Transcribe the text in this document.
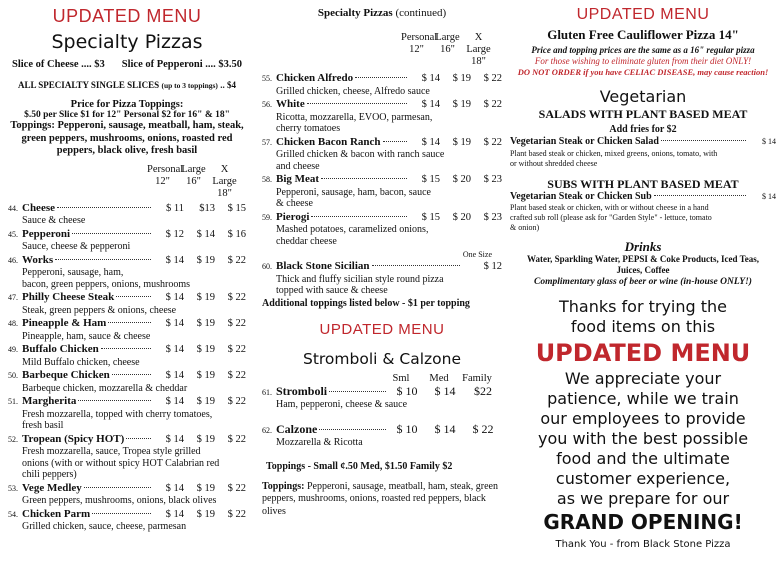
UPDATED MENU
Specialty Pizzas
Slice of Cheese .... $3 Slice of Pepperoni .... $3.50
ALL SPECIALTY SINGLE SLICES (up to 3 toppings) .. $4
Price for Pizza Toppings:
$.50 per Slice $1 for 12" Personal $2 for 16" & 18"
Toppings: Pepperoni, sausage, meatball, ham, steak, green peppers, mushrooms, onions, roasted red peppers, black olive, fresh basil
Personal
12"
Large
16"
X Large
18"
44. Cheese	$ 11	$13	$ 15
Sauce & cheese
45. Pepperoni	$ 12	$ 14	$ 16
Sauce, cheese & pepperoni
46. Works	$ 14	$ 19	$ 22
Pepperoni, sausage, ham,
bacon, green peppers, onions, mushrooms
47. Philly Cheese Steak	$ 14	$ 19	$ 22
Steak, green peppers & onions, cheese
48. Pineapple & Ham	$ 14	$ 19	$ 22
Pineapple, ham, sauce & cheese
49. Buffalo Chicken	$ 14	$ 19	$ 22
Mild Buffalo chicken, cheese
50. Barbeque Chicken	$ 14	$ 19	$ 22
Barbeque chicken, mozzarella & cheddar
51. Margherita	$ 14	$ 19	$ 22
Fresh mozzarella, topped with cherry tomatoes,
fresh basil
52. Tropean (Spicy HOT)	$ 14	$ 19	$ 22
Fresh mozzarella, sauce, Tropea style grilled
onions (with or without spicy HOT Calabrian red
chili peppers)
53. Vege Medley	$ 14	$ 19	$ 22
Green peppers, mushrooms, onions, black olives
54. Chicken Parm	$ 14	$ 19	$ 22
Grilled chicken, sauce, cheese, parmesan
Specialty Pizzas (continued)
Personal
12"
Large
16"
X Large
18"
55. Chicken Alfredo	$ 14	$ 19	$ 22
Grilled chicken, cheese, Alfredo sauce
56. White	$ 14	$ 19	$ 22
Ricotta, mozzarella, EVOO, parmesan,
cherry tomatoes
57. Chicken Bacon Ranch	$ 14	$ 19	$ 22
Grilled chicken & bacon with ranch sauce
and cheese
58. Big Meat	$ 15	$ 20	$ 23
Pepperoni, sausage, ham, bacon, sauce
& cheese
59. Pierogi	$ 15	$ 20	$ 23
Mashed potatoes, caramelized onions,
cheddar cheese
One Size
60. Black Stone Sicilian	$ 12
Thick and fluffy sicilian style round pizza
topped with sauce & cheese
Additional toppings listed below - $1 per topping
UPDATED MENU
Stromboli & Calzone
Sml	Med	Family
61. Stromboli	$ 10	$ 14	$22
Ham, pepperoni, cheese & sauce
62. Calzone	$ 10	$ 14	$ 22
Mozzarella & Ricotta
Toppings - Small ¢.50 Med, $1.50 Family $2
Toppings: Pepperoni, sausage, meatball, ham, steak, green peppers, mushrooms, onions, roasted red peppers, black olives
UPDATED MENU
Gluten Free Cauliflower Pizza 14"
Price and topping prices are the same as a 16" regular pizza
For those wishing to eliminate gluten from their diet ONLY!
DO NOT ORDER if you have CELIAC DISEASE, may cause reaction!
Vegetarian
SALADS WITH PLANT BASED MEAT
Add fries for $2
Vegetarian Steak or Chicken Salad	$ 14
Plant based steak or chicken, mixed greens, onions, tomato, with
or without shredded cheese
SUBS WITH PLANT BASED MEAT
Vegetarian Steak or Chicken Sub	$ 14
Plant based steak or chicken, with or without cheese in a hand
crafted sub roll (please ask for "Garden Style" - lettuce, tomato
& onion)
Drinks
Water, Sparkling Water, PEPSI & Coke Products, Iced Teas,
Juices, Coffee
Complimentary glass of beer or wine (in-house ONLY!)
Thanks for trying the
food items on this
UPDATED MENU
We appreciate your
patience, while we train
our employees to provide
you with the best possible
food and the ultimate
customer experience,
as we prepare for our
GRAND OPENING!
Thank You - from Black Stone Pizza
